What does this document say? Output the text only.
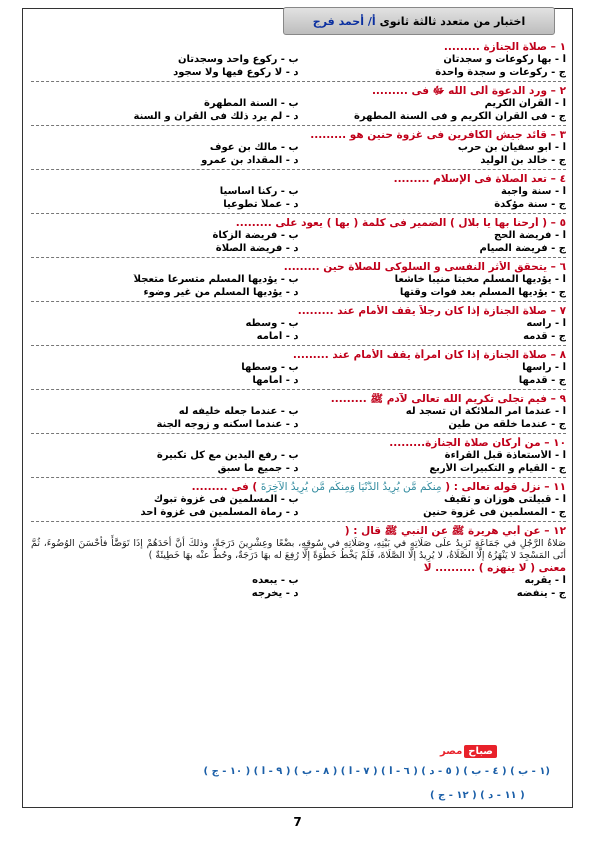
اختبار من متعدد ثالثة ثانوى
أ/ أحمد فرج
١ – صلاة الجنازة .........
أ - بها ركوعات و سجدتان
ب - ركوع واحد وسجدتان
ج - ركوعات و سجدة واحدة
د - لا ركوع فيها ولا سجود
٢ – ورد الدعوة ألى الله ﷻ فى .........
أ - القرآن الكريم
ب - السنة المطهرة
ج - فى القرآن الكريم و فى السنة المطهرة
د - لم يرد ذلك فى القرآن و السنة
٣ – قائد جيش الكافرين فى غزوة حنين هو .........
أ - ابو سفيان بن حرب
ب - مالك بن عوف
ج - خالد بن الوليد
د - المقداد بن عمرو
٤ – تعد الصلاة فى الإسلام .........
أ - سنة واجبة
ب - ركناً أساسياً
ج - سنة مؤكدة
د - عملاً تطوعياً
٥ – ( أرحنا بها يا بلال ) الضمير فى كلمة ( بها ) يعود على .........
أ - فريضة الحج
ب - فريضة الزكاة
ج - فريضة الصيام
د - فريضة الصلاة
٦ – يتحقق الأثر النفسى و السلوكى للصلاة حين .........
أ - يؤديها المسلم مخبتاً منيباً خاشعاً
ب - يؤديها المسلم متسرعاً متعجلاً
ج - يؤديها المسلم بعد فوات وقتها
د - يؤديها المسلم من غير وضوء
٧ – صلاة الجنازة إذا كان رجلاً يقف الأمام عند .........
أ - رأسه
ب - وسطه
ج - قدمه
د - أمامه
٨ – صلاة الجنازة إذا كان امرأة يقف الأمام عند .........
أ - رأسها
ب - وسطها
ج - قدمها
د - أمامها
٩ – فيم تجلى تكريم الله تعالى لآدم ﷺ .........
أ - عندما أمر الملائكة أن تسجد له
ب - عندما جعله خليفه له
ج - عندما خلقه من طين
د - عندما اسكنه و زوجه الجنة
١٠ – من أركان صلاة الجنازة.........
أ - الأستعاذة قبل القراءة
ب - رفع اليدين مع كل تكبيرة
ج - القيام و التكبيرات الأربع
د - جميع ما سبق
١١ – نزل قوله تعالى : ( مِنكُم مَّن يُرِيدُ الدُّنْيَا وَمِنكُم مَّن يُرِيدُ الْآخِرَةَ ) فى .........
أ - قبيلتى هوزان و ثقيف
ب - المسلمين فى غزوة تبوك
ج - المسلمين فى غزوة حنين
د - رماة المسلمين فى غزوة أحد
١٢ – عن أبي هريرة ﷺ عن النبي ﷺ قال : (
صَلاةُ الرَّجُلِ في جَمَاعَةٍ تَزِيدُ علَى صَلَاتِهِ في بَيْتِهِ، وصَلَاتِهِ في سُوقِهِ، بضْعًا وعِشْرِينَ دَرَجَةً، وذلكَ أنَّ أحَدَهُمْ إذَا تَوَضَّأَ فأحْسَنَ الوُضُوءَ، ثُمَّ أتَى المَسْجِدَ لا يَنْهَزُهُ إلَّا الصَّلَاةُ، لا يُرِيدُ إلَّا الصَّلَاةَ، فَلَمْ يَخْطُ خَطْوَةً إلَّا رُفِعَ له بهَا دَرَجَةٌ، وحُطَّ عنْه بهَا خَطِيئَةٌ )
معنى ( لا ينهزه ) .......... لا
أ - يقربه
ب - يبعده
ج - ينفضه
د - يخرجه
مصر صباح
(١ - ب ) ( ٤ - ب ) ( ٥ - د ) ( ٦ - أ ) ( ٧ - أ ) ( ٨ - ب ) ( ٩ - أ ) ( ١٠ - ج )
( ١١ - د ) ( ١٢ - ج )
7
